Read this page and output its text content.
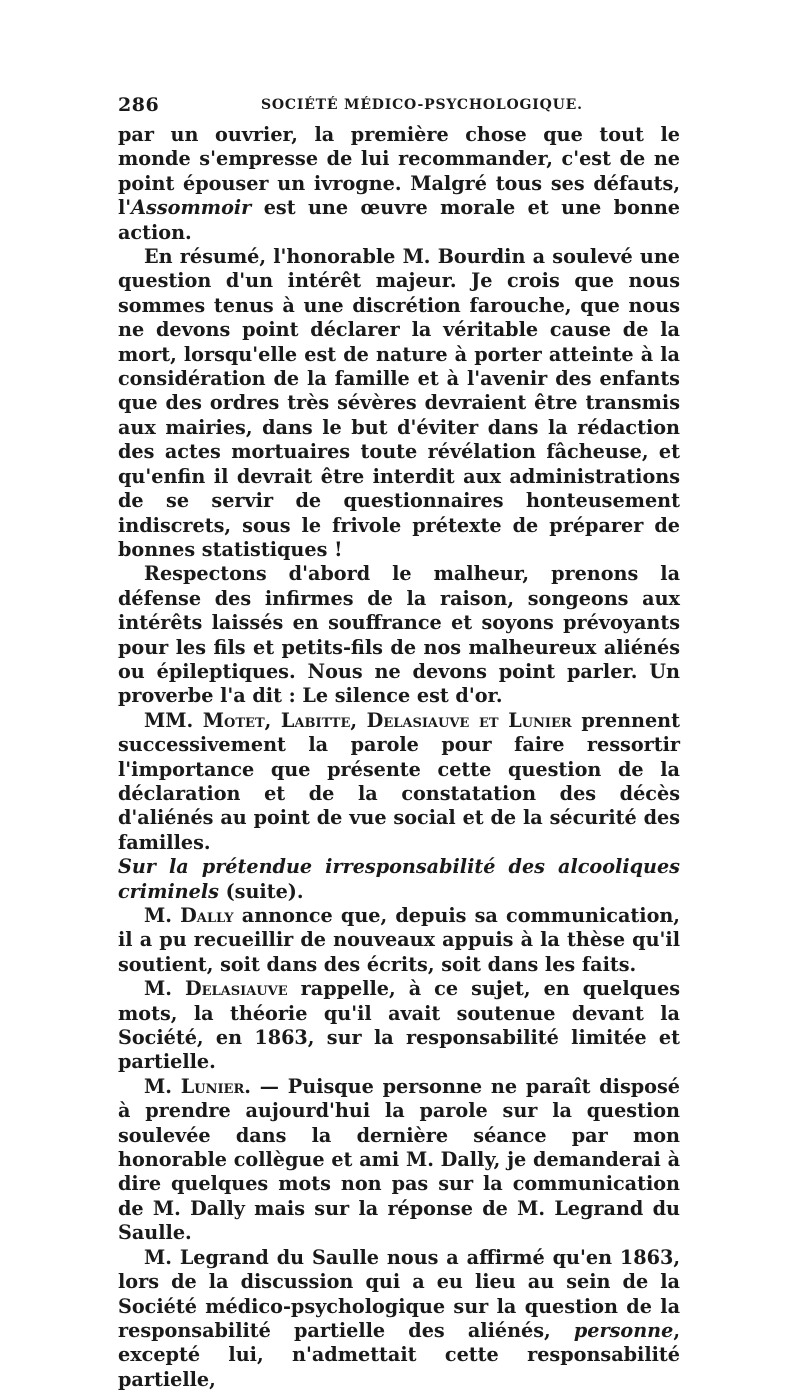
286	SOCIÉTÉ MÉDICO-PSYCHOLOGIQUE.

par un ouvrier, la première chose que tout le monde s'empresse de lui recommander, c'est de ne point épouser un ivrogne. Malgré tous ses défauts, l'Assommoir est une œuvre morale et une bonne action.

En résumé, l'honorable M. Bourdin a soulevé une question d'un intérêt majeur. Je crois que nous sommes tenus à une discrétion farouche, que nous ne devons point déclarer la véritable cause de la mort, lorsqu'elle est de nature à porter atteinte à la considération de la famille et à l'avenir des enfants que des ordres très sévères devraient être transmis aux mairies, dans le but d'éviter dans la rédaction des actes mortuaires toute révélation fâcheuse, et qu'enfin il devrait être interdit aux administrations de se servir de questionnaires honteusement indiscrets, sous le frivole prétexte de préparer de bonnes statistiques !

Respectons d'abord le malheur, prenons la défense des infirmes de la raison, songeons aux intérêts laissés en souffrance et soyons prévoyants pour les fils et petits-fils de nos malheureux aliénés ou épileptiques. Nous ne devons point parler. Un proverbe l'a dit : Le silence est d'or.

MM. Motet, Labitte, Delasiauve et Lunier prennent successivement la parole pour faire ressortir l'importance que présente cette question de la déclaration et de la constatation des décès d'aliénés au point de vue social et de la sécurité des familles.

Sur la prétendue irresponsabilité des alcooliques criminels (suite).

M. Dally annonce que, depuis sa communication, il a pu recueillir de nouveaux appuis à la thèse qu'il soutient, soit dans des écrits, soit dans les faits.

M. Delasiauve rappelle, à ce sujet, en quelques mots, la théorie qu'il avait soutenue devant la Société, en 1863, sur la responsabilité limitée et partielle.

M. Lunier. — Puisque personne ne paraît disposé à prendre aujourd'hui la parole sur la question soulevée dans la dernière séance par mon honorable collègue et ami M. Dally, je demanderai à dire quelques mots non pas sur la communication de M. Dally mais sur la réponse de M. Legrand du Saulle.

M. Legrand du Saulle nous a affirmé qu'en 1863, lors de la discussion qui a eu lieu au sein de la Société médico-psychologique sur la question de la responsabilité partielle des aliénés, personne, excepté lui, n'admettait cette responsabilité partielle,
